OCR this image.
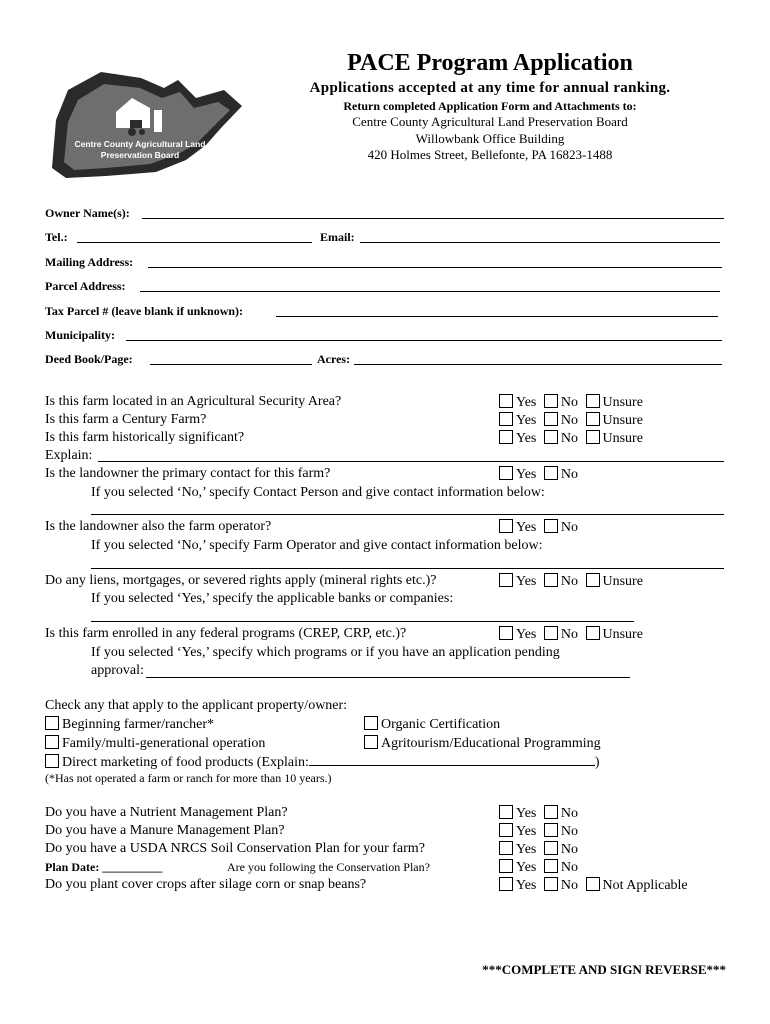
Centre County Agricultural Land
Preservation Board
PACE Program Application
Applications accepted at any time for annual ranking.
Return completed Application Form and Attachments to:
Centre County Agricultural Land Preservation Board
Willowbank Office Building
420 Holmes Street, Bellefonte, PA 16823-1488
Owner Name(s):
Tel.:	Email:
Mailing Address:
Parcel Address:
Tax Parcel # (leave blank if unknown):
Municipality:
Deed Book/Page:	Acres:
Is this farm located in an Agricultural Security Area?	Yes No Unsure
Is this farm a Century Farm?	Yes No Unsure
Is this farm historically significant?	Yes No Unsure
Explain:
Is the landowner the primary contact for this farm?	Yes No
If you selected ‘No,’ specify Contact Person and give contact information below:
Is the landowner also the farm operator?	Yes No
If you selected ‘No,’ specify Farm Operator and give contact information below:
Do any liens, mortgages, or severed rights apply (mineral rights etc.)?	Yes No Unsure
If you selected ‘Yes,’ specify the applicable banks or companies:
Is this farm enrolled in any federal programs (CREP, CRP, etc.)?	Yes No Unsure
If you selected ‘Yes,’ specify which programs or if you have an application pending
approval:
Check any that apply to the applicant property/owner:
Beginning farmer/rancher*	Organic Certification
Family/multi-generational operation	Agritourism/Educational Programming
Direct marketing of food products (Explain:	)
(*Has not operated a farm or ranch for more than 10 years.)
Do you have a Nutrient Management Plan?	Yes No
Do you have a Manure Management Plan?	Yes No
Do you have a USDA NRCS Soil Conservation Plan for your farm?	Yes No
Plan Date: __________	Are you following the Conservation Plan?	Yes No
Do you plant cover crops after silage corn or snap beans?	Yes No Not Applicable
***COMPLETE AND SIGN REVERSE***
